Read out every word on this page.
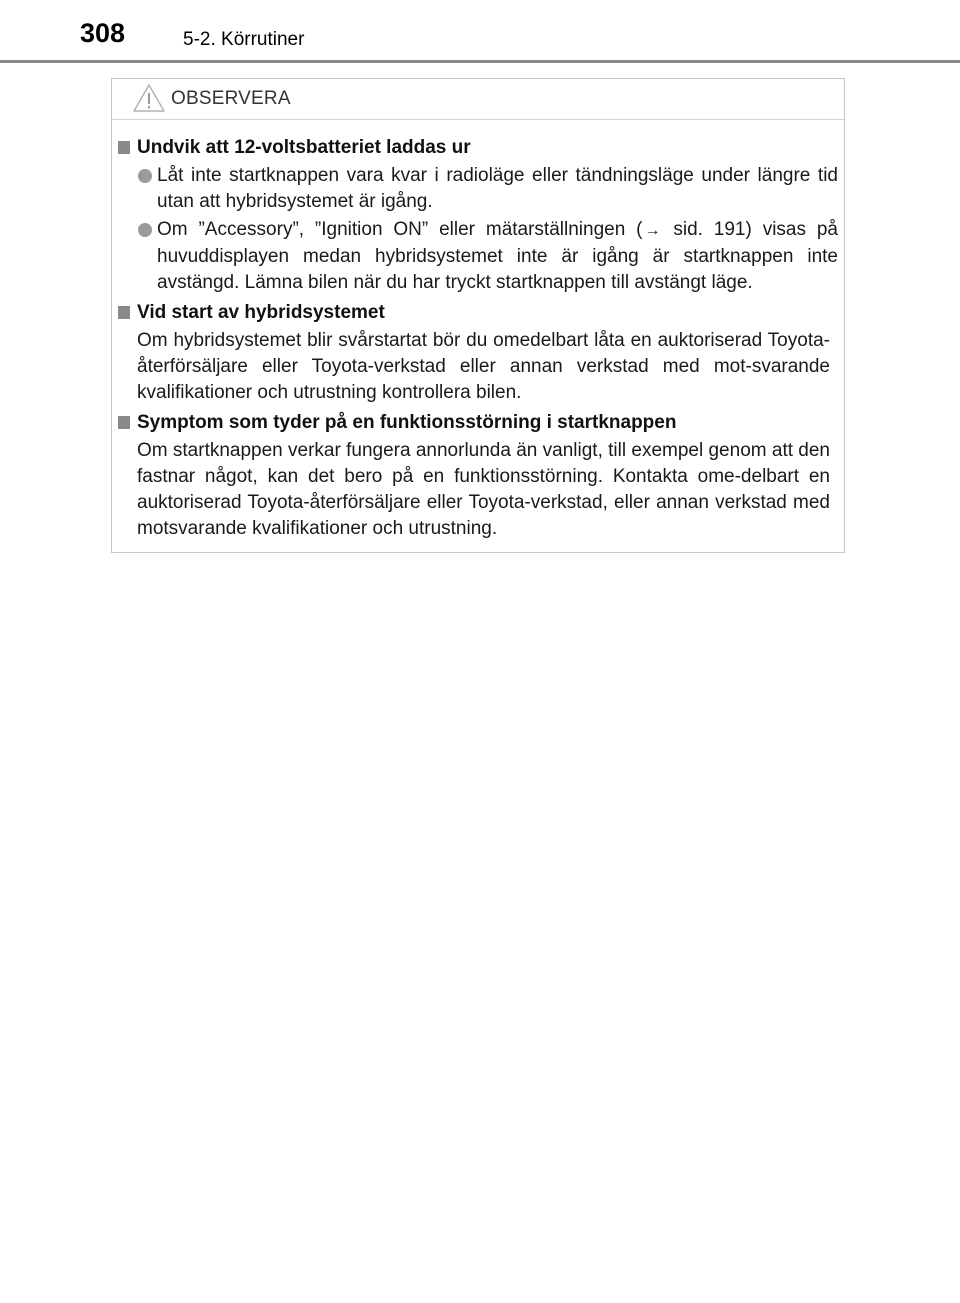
308	5-2. Körrutiner
OBSERVERA
Undvik att 12-voltsbatteriet laddas ur
Låt inte startknappen vara kvar i radioläge eller tändningsläge under längre tid utan att hybridsystemet är igång.
Om ”Accessory”, ”Ignition ON” eller mätarställningen ( → sid. 191) visas på huvuddisplayen medan hybridsystemet inte är igång är startknappen inte avstängd. Lämna bilen när du har tryckt startknappen till avstängt läge.
Vid start av hybridsystemet
Om hybridsystemet blir svårstartat bör du omedelbart låta en auktoriserad Toyota-återförsäljare eller Toyota-verkstad eller annan verkstad med mot-svarande kvalifikationer och utrustning kontrollera bilen.
Symptom som tyder på en funktionsstörning i startknappen
Om startknappen verkar fungera annorlunda än vanligt, till exempel genom att den fastnar något, kan det bero på en funktionsstörning. Kontakta ome-delbart en auktoriserad Toyota-återförsäljare eller Toyota-verkstad, eller annan verkstad med motsvarande kvalifikationer och utrustning.
